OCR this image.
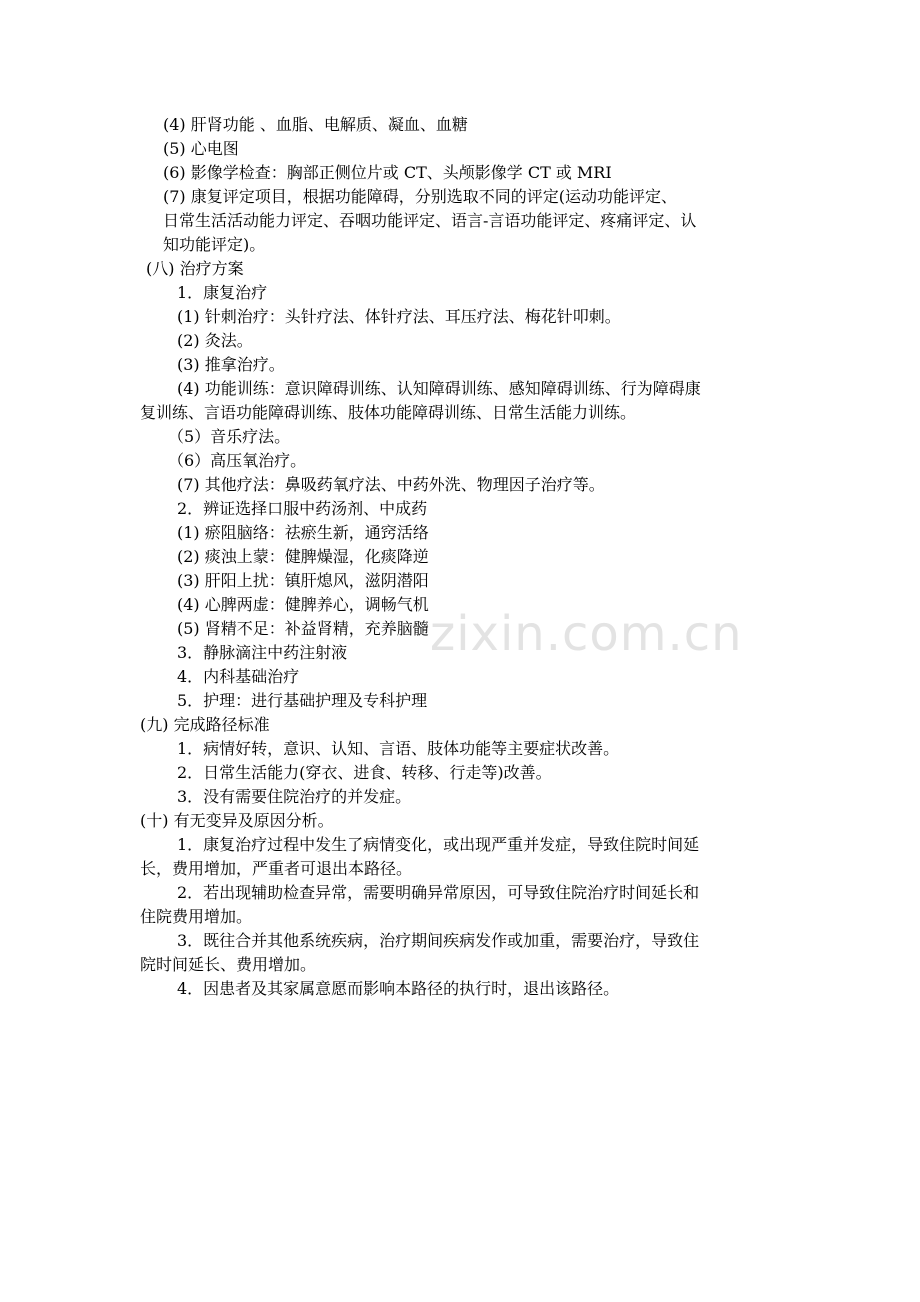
zixin.com.cn
(4) 肝肾功能 、血脂、电解质、凝血、血糖
(5) 心电图
(6) 影像学检查：胸部正侧位片或 CT、头颅影像学 CT 或 MRI
(7) 康复评定项目，根据功能障碍，分别选取不同的评定(运动功能评定、
日常生活活动能力评定、吞咽功能评定、语言-言语功能评定、疼痛评定、认
知功能评定)。
(八) 治疗方案
1．康复治疗
(1) 针刺治疗：头针疗法、体针疗法、耳压疗法、梅花针叩刺。
(2) 灸法。
(3) 推拿治疗。
(4) 功能训练：意识障碍训练、认知障碍训练、感知障碍训练、行为障碍康
复训练、言语功能障碍训练、肢体功能障碍训练、日常生活能力训练。
（5）音乐疗法。
（6）高压氧治疗。
(7) 其他疗法：鼻吸药氧疗法、中药外洗、物理因子治疗等。
2．辨证选择口服中药汤剂、中成药
(1) 瘀阻脑络：祛瘀生新，通窍活络
(2) 痰浊上蒙：健脾燥湿，化痰降逆
(3) 肝阳上扰：镇肝熄风，滋阴潜阳
(4) 心脾两虚：健脾养心，调畅气机
(5) 肾精不足：补益肾精，充养脑髓
3．静脉滴注中药注射液
4．内科基础治疗
5．护理：进行基础护理及专科护理
(九) 完成路径标准
1．病情好转，意识、认知、言语、肢体功能等主要症状改善。
2．日常生活能力(穿衣、进食、转移、行走等)改善。
3．没有需要住院治疗的并发症。
(十) 有无变异及原因分析。
1．康复治疗过程中发生了病情变化，或出现严重并发症，导致住院时间延
长，费用增加，严重者可退出本路径。
2．若出现辅助检查异常，需要明确异常原因，可导致住院治疗时间延长和
住院费用增加。
3．既往合并其他系统疾病，治疗期间疾病发作或加重，需要治疗，导致住
院时间延长、费用增加。
4．因患者及其家属意愿而影响本路径的执行时，退出该路径。
